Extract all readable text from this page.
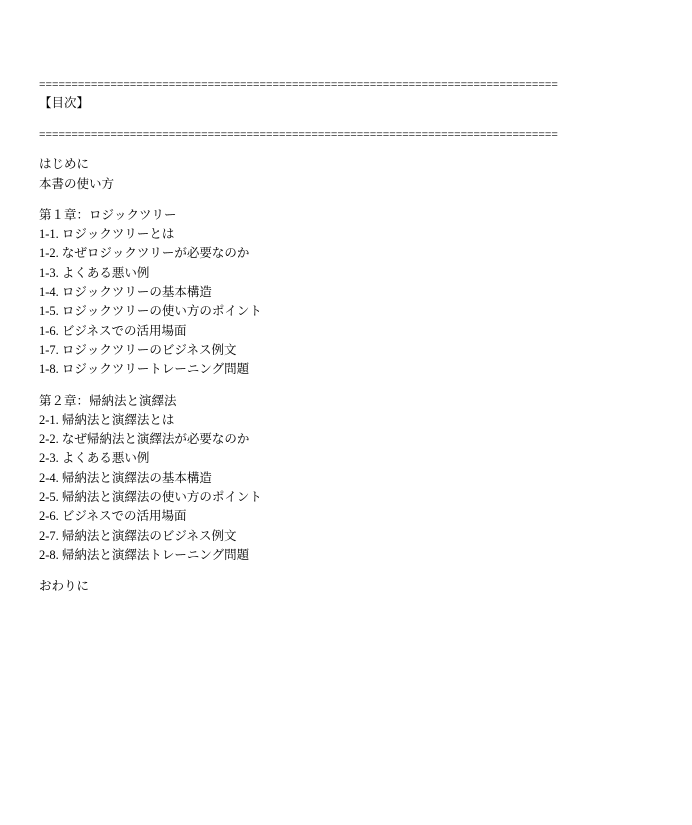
================================================================================
【目次】
================================================================================
はじめに
本書の使い方
第１章：ロジックツリー
1-1. ロジックツリーとは
1-2. なぜロジックツリーが必要なのか
1-3. よくある悪い例
1-4. ロジックツリーの基本構造
1-5. ロジックツリーの使い方のポイント
1-6. ビジネスでの活用場面
1-7. ロジックツリーのビジネス例文
1-8. ロジックツリートレーニング問題
第２章：帰納法と演繹法
2-1. 帰納法と演繹法とは
2-2. なぜ帰納法と演繹法が必要なのか
2-3. よくある悪い例
2-4. 帰納法と演繹法の基本構造
2-5. 帰納法と演繹法の使い方のポイント
2-6. ビジネスでの活用場面
2-7. 帰納法と演繹法のビジネス例文
2-8. 帰納法と演繹法トレーニング問題
おわりに
